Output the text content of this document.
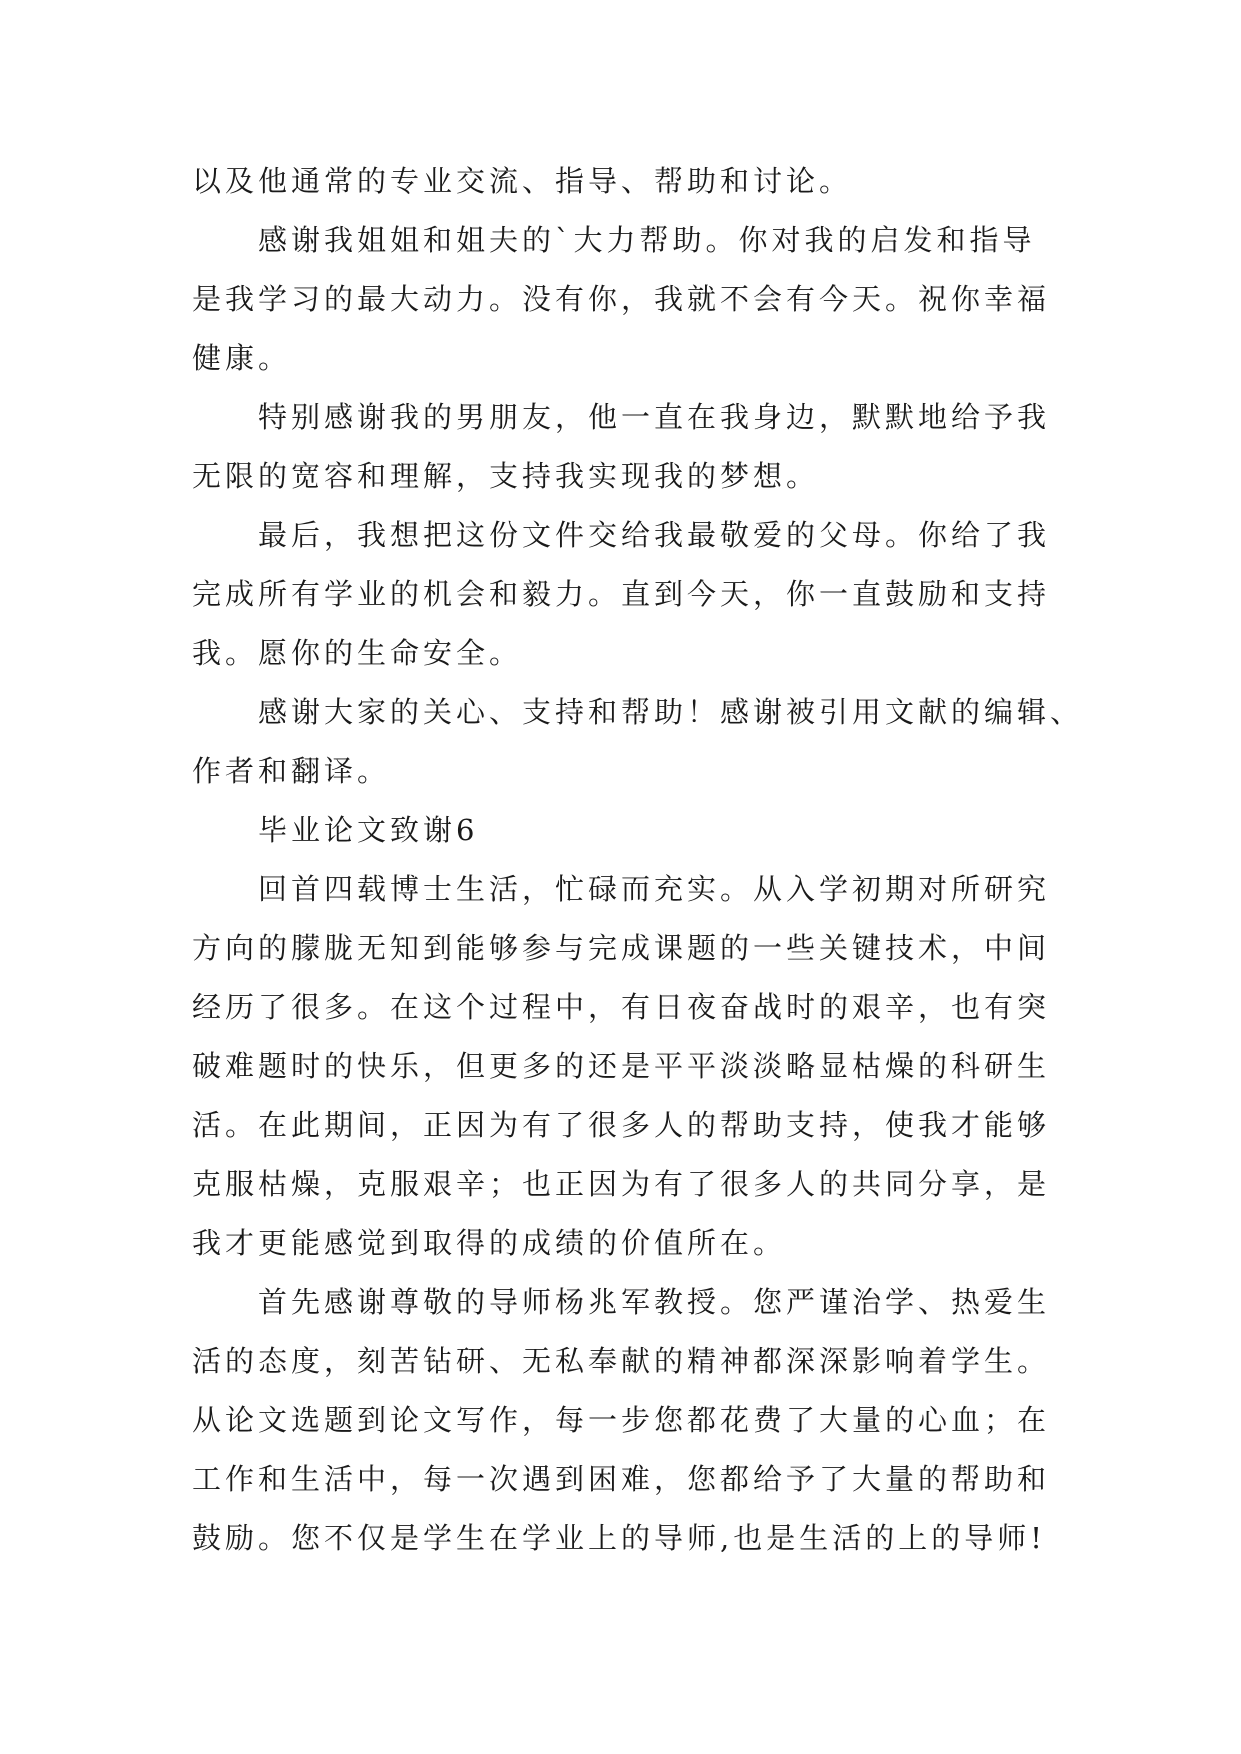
以及他通常的专业交流、指导、帮助和讨论。
感谢我姐姐和姐夫的`大力帮助。你对我的启发和指导
是我学习的最大动力。没有你，我就不会有今天。祝你幸福
健康。
特别感谢我的男朋友，他一直在我身边，默默地给予我
无限的宽容和理解，支持我实现我的梦想。
最后，我想把这份文件交给我最敬爱的父母。你给了我
完成所有学业的机会和毅力。直到今天，你一直鼓励和支持
我。愿你的生命安全。
感谢大家的关心、支持和帮助！感谢被引用文献的编辑、
作者和翻译。
毕业论文致谢6
回首四载博士生活，忙碌而充实。从入学初期对所研究
方向的朦胧无知到能够参与完成课题的一些关键技术，中间
经历了很多。在这个过程中，有日夜奋战时的艰辛，也有突
破难题时的快乐，但更多的还是平平淡淡略显枯燥的科研生
活。在此期间，正因为有了很多人的帮助支持，使我才能够
克服枯燥，克服艰辛；也正因为有了很多人的共同分享，是
我才更能感觉到取得的成绩的价值所在。
首先感谢尊敬的导师杨兆军教授。您严谨治学、热爱生
活的态度，刻苦钻研、无私奉献的精神都深深影响着学生。
从论文选题到论文写作，每一步您都花费了大量的心血；在
工作和生活中，每一次遇到困难，您都给予了大量的帮助和
鼓励。您不仅是学生在学业上的导师,也是生活的上的导师!
